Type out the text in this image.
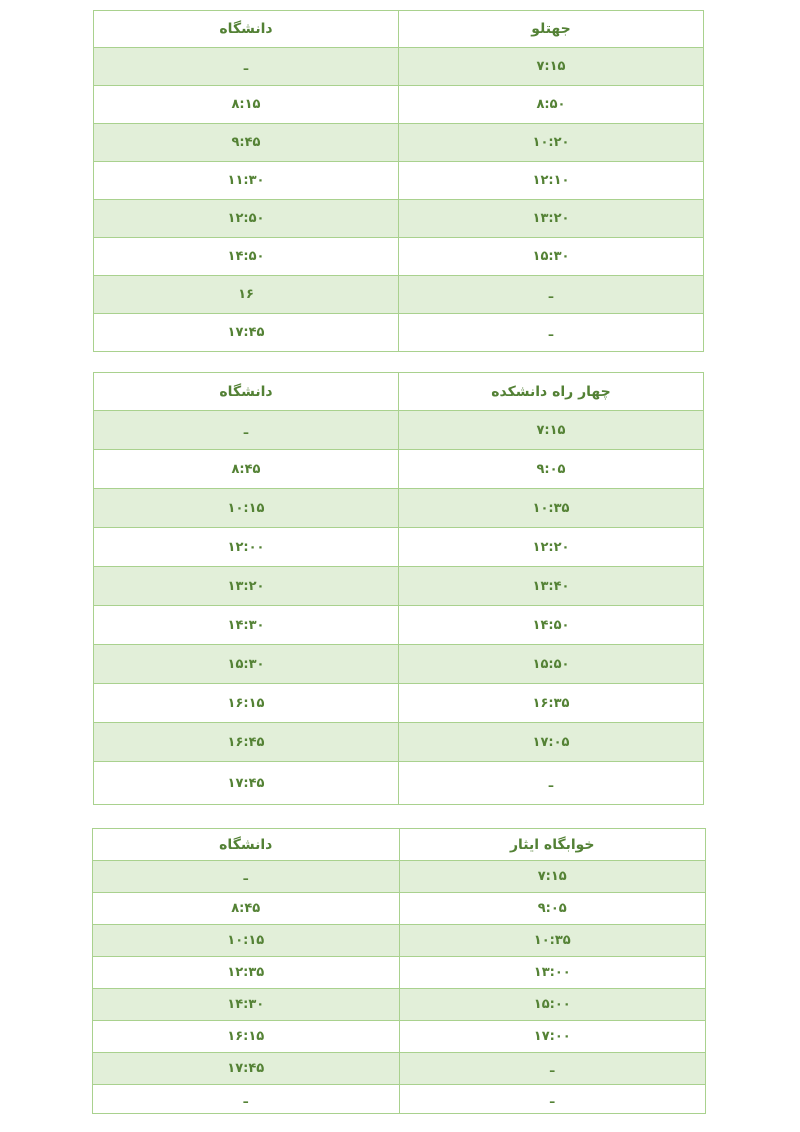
جهتلو	دانشگاه
۷:۱۵	ـ
۸:۵۰	۸:۱۵
۱۰:۲۰	۹:۴۵
۱۲:۱۰	۱۱:۳۰
۱۳:۲۰	۱۲:۵۰
۱۵:۳۰	۱۴:۵۰
ـ	۱۶
ـ	۱۷:۴۵
چهار راه دانشکده	دانشگاه
۷:۱۵	ـ
۹:۰۵	۸:۴۵
۱۰:۳۵	۱۰:۱۵
۱۲:۲۰	۱۲:۰۰
۱۳:۴۰	۱۳:۲۰
۱۴:۵۰	۱۴:۳۰
۱۵:۵۰	۱۵:۳۰
۱۶:۳۵	۱۶:۱۵
۱۷:۰۵	۱۶:۴۵
ـ	۱۷:۴۵
خوابگاه ایثار	دانشگاه
۷:۱۵	ـ
۹:۰۵	۸:۴۵
۱۰:۳۵	۱۰:۱۵
۱۳:۰۰	۱۲:۳۵
۱۵:۰۰	۱۴:۳۰
۱۷:۰۰	۱۶:۱۵
ـ	۱۷:۴۵
ـ	ـ
